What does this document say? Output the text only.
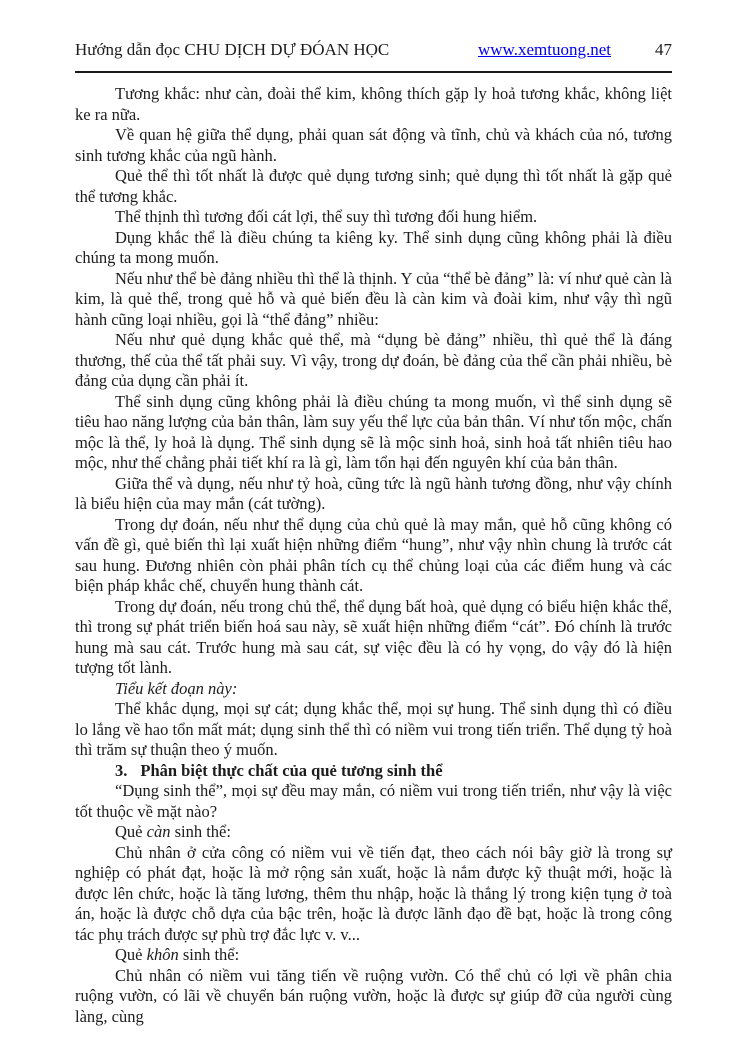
Hướng dẫn đọc CHU DỊCH DỰ ĐÓAN HỌC	www.xemtuong.net	47

Tương khắc: như càn, đoài thể kim, không thích gặp ly hoả tương khắc, không liệt ke ra nữa.

Về quan hệ giữa thể dụng, phải quan sát động và tĩnh, chủ và khách của nó, tương sinh tương khắc của ngũ hành.

Quẻ thể thì tốt nhất là được quẻ dụng tương sinh; quẻ dụng thì tốt nhất là gặp quẻ thể tương khắc.

Thể thịnh thì tương đối cát lợi, thể suy thì tương đối hung hiểm.

Dụng khắc thể là điều chúng ta kiêng ky. Thể sinh dụng cũng không phải là điều chúng ta mong muốn.

Nếu như thể bè đảng nhiều thì thể là thịnh. Y của “thể bè đảng” là: ví như quẻ càn là kim, là quẻ thể, trong quẻ hỗ và quẻ biến đều là càn kim và đoài kim, như vậy thì ngũ hành cũng loại nhiều, gọi là “thể đảng” nhiều:

Nếu như quẻ dụng khắc quẻ thể, mà “dụng bè đảng” nhiều, thì quẻ thể là đáng thương, thế của thể tất phải suy. Vì vậy, trong dự đoán, bè đảng của thể cần phải nhiều, bè đảng của dụng cần phải ít.

Thể sinh dụng cũng không phải là điều chúng ta mong muốn, vì thể sinh dụng sẽ tiêu hao năng lượng của bản thân, làm suy yếu thể lực của bản thân. Ví như tốn mộc, chấn mộc là thể, ly hoả là dụng. Thể sinh dụng sẽ là mộc sinh hoả, sinh hoả tất nhiên tiêu hao mộc, như thế chẳng phải tiết khí ra là gì, làm tổn hại đến nguyên khí của bản thân.

Giữa thể và dụng, nếu như tỷ hoà, cũng tức là ngũ hành tương đồng, như vậy chính là biểu hiện của may mắn (cát tường).

Trong dự đoán, nếu như thể dụng của chủ quẻ là may mắn, quẻ hỗ cũng không có vấn đề gì, quẻ biến thì lại xuất hiện những điểm “hung”, như vậy nhìn chung là trước cát sau hung. Đương nhiên còn phải phân tích cụ thể chủng loại của các điểm hung và các biện pháp khắc chế, chuyển hung thành cát.

Trong dự đoán, nếu trong chủ thể, thể dụng bất hoà, quẻ dụng có biểu hiện khắc thể, thì trong sự phát triển biến hoá sau này, sẽ xuất hiện những điểm “cát”. Đó chính là trước hung mà sau cát. Trước hung mà sau cát, sự việc đều là có hy vọng, do vậy đó là hiện tượng tốt lành.

Tiểu kết đoạn này:

Thể khắc dụng, mọi sự cát; dụng khắc thể, mọi sự hung. Thể sinh dụng thì có điều lo lắng về hao tổn mất mát; dụng sinh thể thì có niềm vui trong tiến triển. Thể dụng tỷ hoà thì trăm sự thuận theo ý muốn.

3. Phân biệt thực chất của quẻ tương sinh thể

“Dụng sinh thể”, mọi sự đều may mắn, có niềm vui trong tiến triển, như vậy là việc tốt thuộc về mặt nào?

Quẻ càn sinh thể:

Chủ nhân ở cửa công có niềm vui về tiến đạt, theo cách nói bây giờ là trong sự nghiệp có phát đạt, hoặc là mở rộng sản xuất, hoặc là nắm được kỹ thuật mới, hoặc là được lên chức, hoặc là tăng lương, thêm thu nhập, hoặc là thắng lý trong kiện tụng ở toà án, hoặc là được chỗ dựa của bậc trên, hoặc là được lãnh đạo đề bạt, hoặc là trong công tác phụ trách được sự phù trợ đắc lực v. v...

Quẻ khôn sinh thể:

Chủ nhân có niềm vui tăng tiến về ruộng vườn. Có thể chủ có lợi về phân chia ruộng vườn, có lãi về chuyển bán ruộng vườn, hoặc là được sự giúp đỡ của người cùng làng, cùng
